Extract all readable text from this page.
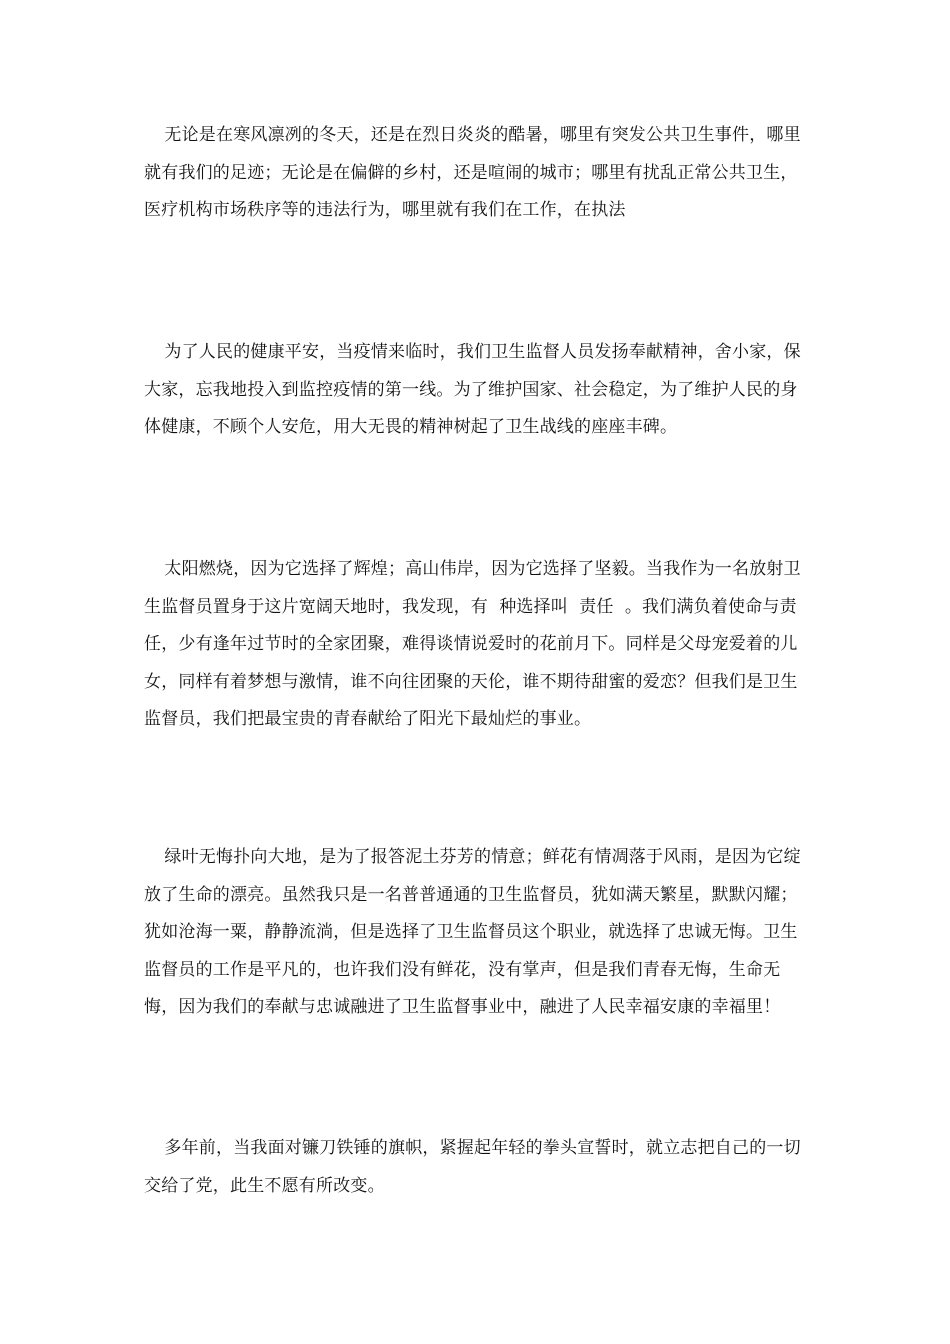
无论是在寒风凛冽的冬天，还是在烈日炎炎的酷暑，哪里有突发公共卫生事件，哪里就有我们的足迹；无论是在偏僻的乡村，还是喧闹的城市；哪里有扰乱正常公共卫生，医疗机构市场秩序等的违法行为，哪里就有我们在工作，在执法

为了人民的健康平安，当疫情来临时，我们卫生监督人员发扬奉献精神，舍小家，保大家，忘我地投入到监控疫情的第一线。为了维护国家、社会稳定，为了维护人民的身体健康，不顾个人安危，用大无畏的精神树起了卫生战线的座座丰碑。

太阳燃烧，因为它选择了辉煌；高山伟岸，因为它选择了坚毅。当我作为一名放射卫生监督员置身于这片宽阔天地时，我发现，有  种选择叫  责任  。我们满负着使命与责任，少有逢年过节时的全家团聚，难得谈情说爱时的花前月下。同样是父母宠爱着的儿女，同样有着梦想与激情，谁不向往团聚的天伦，谁不期待甜蜜的爱恋？但我们是卫生监督员，我们把最宝贵的青春献给了阳光下最灿烂的事业。

绿叶无悔扑向大地，是为了报答泥土芬芳的情意；鲜花有情凋落于风雨，是因为它绽放了生命的漂亮。虽然我只是一名普普通通的卫生监督员，犹如满天繁星，默默闪耀；犹如沧海一粟，静静流淌，但是选择了卫生监督员这个职业，就选择了忠诚无悔。卫生监督员的工作是平凡的，也许我们没有鲜花，没有掌声，但是我们青春无悔，生命无悔，因为我们的奉献与忠诚融进了卫生监督事业中，融进了人民幸福安康的幸福里！

多年前，当我面对镰刀铁锤的旗帜，紧握起年轻的拳头宣誓时，就立志把自己的一切交给了党，此生不愿有所改变。
